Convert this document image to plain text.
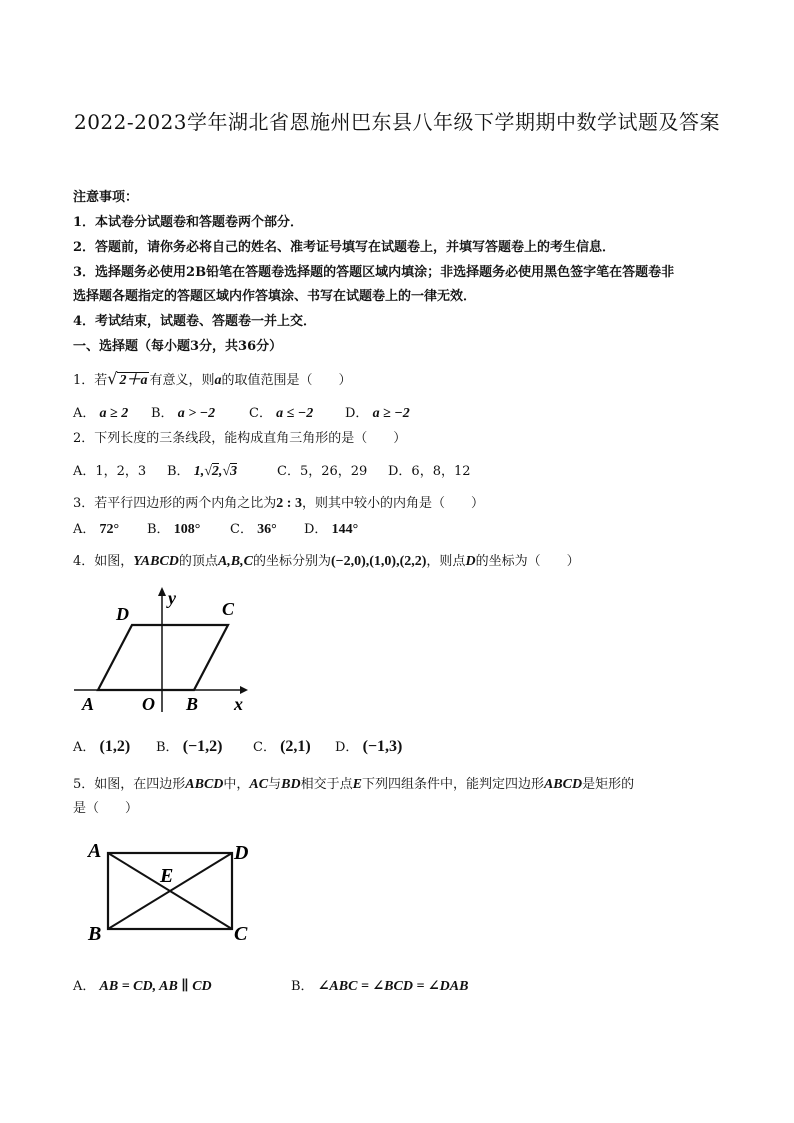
2022-2023学年湖北省恩施州巴东县八年级下学期期中数学试题及答案
注意事项：
1．本试卷分试题卷和答题卷两个部分．
2．答题前，请你务必将自己的姓名、准考证号填写在试题卷上，并填写答题卷上的考生信息．
3．选择题务必使用2B铅笔在答题卷选择题的答题区域内填涂；非选择题务必使用黑色签字笔在答题卷非
选择题各题指定的答题区域内作答填涂、书写在试题卷上的一律无效．
4．考试结束，试题卷、答题卷一并上交．
一、选择题（每小题3分，共36分）
1．若√ 2＋a 有意义，则a的取值范围是（　　）
A． a ≥ 2 B． a > −2	C． a ≤ −2 D． a ≥ −2
2．下列长度的三条线段，能构成直角三角形的是（　　）
A．1，2，3 B． 1,√2,√3	C．5，26，29 D．6，8，12
3．若平行四边形的两个内角之比为2 : 3，则其中较小的内角是（　　）
A． 72° B． 108° C． 36° D． 144°
4．如图，YABCD的顶点A,B,C的坐标分别为(−2,0),(1,0),(2,2)，则点D的坐标为（　　）
D
y
C
A	O B x
A． (1,2) B． (−1,2) C． (2,1) D． (−1,3)
5．如图，在四边形ABCD中，AC与BD相交于点E下列四组条件中，能判定四边形ABCD是矩形的
是（　　）
A	D
E
B	C
A． AB = CD, AB ∥ CD	B． ∠ABC = ∠BCD = ∠DAB
